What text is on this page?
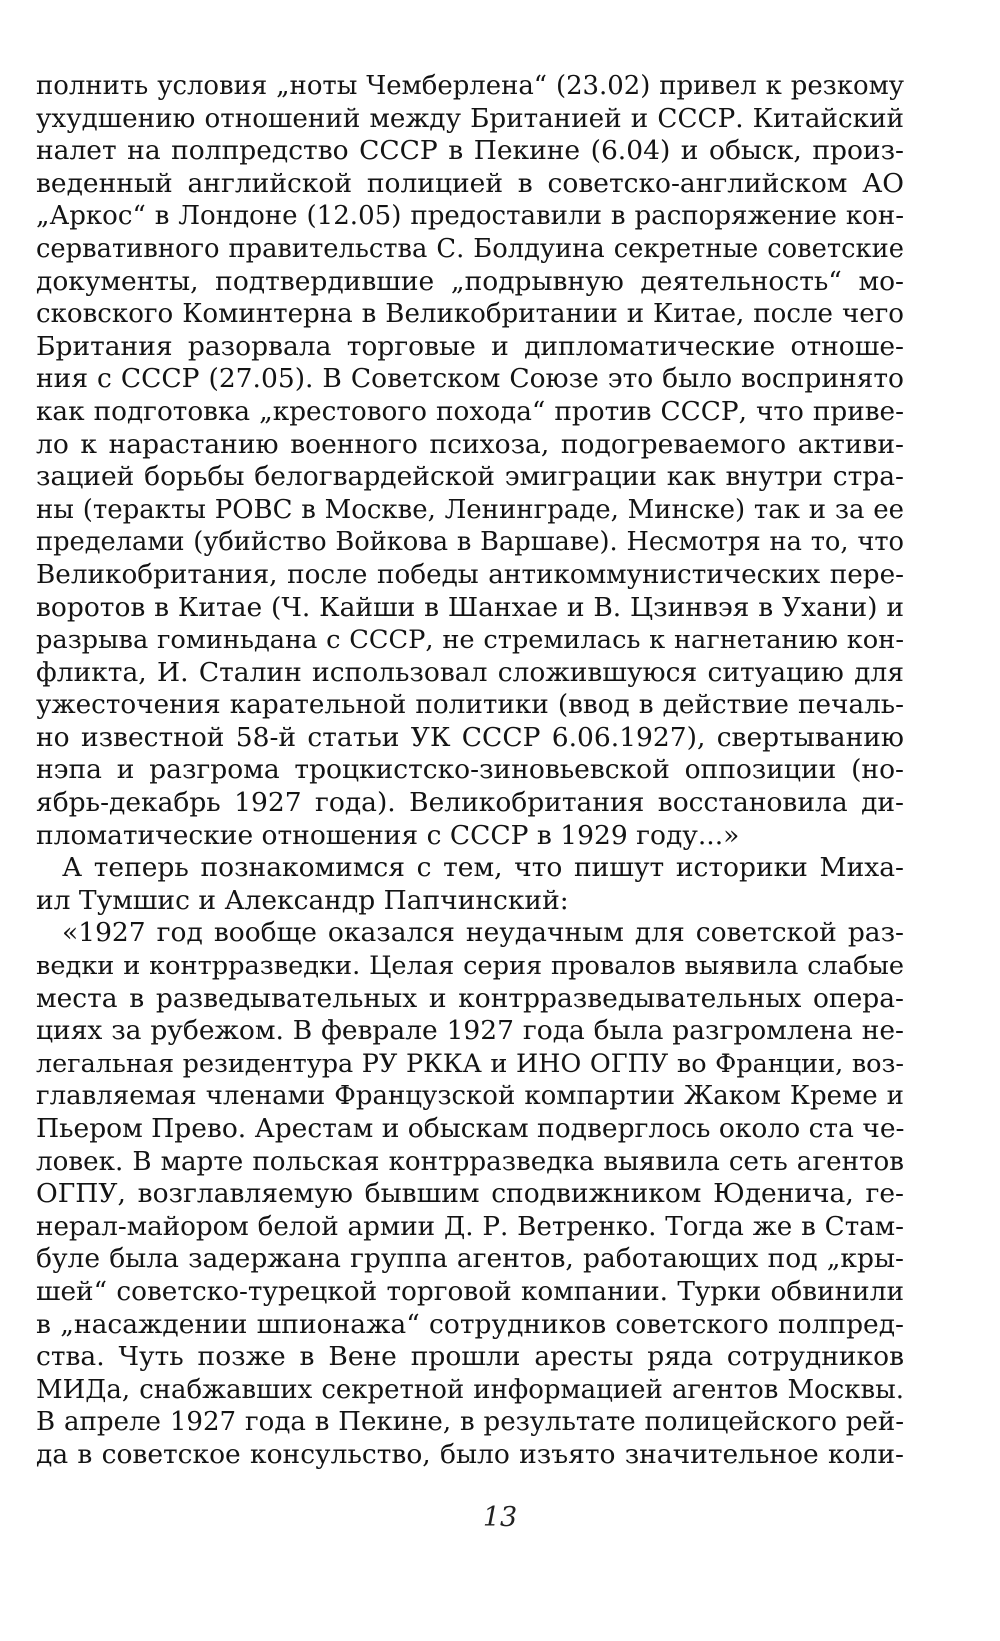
полнить условия „ноты Чемберлена“ (23.02) привел к резкому
ухудшению отношений между Британией и СССР. Китайский
налет на полпредство СССР в Пекине (6.04) и обыск, произ-
веденный английской полицией в советско-английском АО
„Аркос“ в Лондоне (12.05) предоставили в распоряжение кон-
сервативного правительства С. Болдуина секретные советские
документы, подтвердившие „подрывную деятельность“ мо-
сковского Коминтерна в Великобритании и Китае, после чего
Британия разорвала торговые и дипломатические отноше-
ния с СССР (27.05). В Советском Союзе это было воспринято
как подготовка „крестового похода“ против СССР, что приве-
ло к нарастанию военного психоза, подогреваемого активи-
зацией борьбы белогвардейской эмиграции как внутри стра-
ны (теракты РОВС в Москве, Ленинграде, Минске) так и за ее
пределами (убийство Войкова в Варшаве). Несмотря на то, что
Великобритания, после победы антикоммунистических пере-
воротов в Китае (Ч. Кайши в Шанхае и В. Цзинвэя в Ухани) и
разрыва гоминьдана с СССР, не стремилась к нагнетанию кон-
фликта, И. Сталин использовал сложившуюся ситуацию для
ужесточения карательной политики (ввод в действие печаль-
но известной 58-й статьи УК СССР 6.06.1927), свертыванию
нэпа и разгрома троцкистско-зиновьевской оппозиции (но-
ябрь-декабрь 1927 года). Великобритания восстановила ди-
пломатические отношения с СССР в 1929 году...»
А теперь познакомимся с тем, что пишут историки Миха-
ил Тумшис и Александр Папчинский:
«1927 год вообще оказался неудачным для советской раз-
ведки и контрразведки. Целая серия провалов выявила слабые
места в разведывательных и контрразведывательных опера-
циях за рубежом. В феврале 1927 года была разгромлена не-
легальная резидентура РУ РККА и ИНО ОГПУ во Франции, воз-
главляемая членами Французской компартии Жаком Креме и
Пьером Прево. Арестам и обыскам подверглось около ста че-
ловек. В марте польская контрразведка выявила сеть агентов
ОГПУ, возглавляемую бывшим сподвижником Юденича, ге-
нерал-майором белой армии Д. Р. Ветренко. Тогда же в Стам-
буле была задержана группа агентов, работающих под „кры-
шей“ советско-турецкой торговой компании. Турки обвинили
в „насаждении шпионажа“ сотрудников советского полпред-
ства. Чуть позже в Вене прошли аресты ряда сотрудников
МИДа, снабжавших секретной информацией агентов Москвы.
В апреле 1927 года в Пекине, в результате полицейского рей-
да в советское консульство, было изъято значительное коли-
13
